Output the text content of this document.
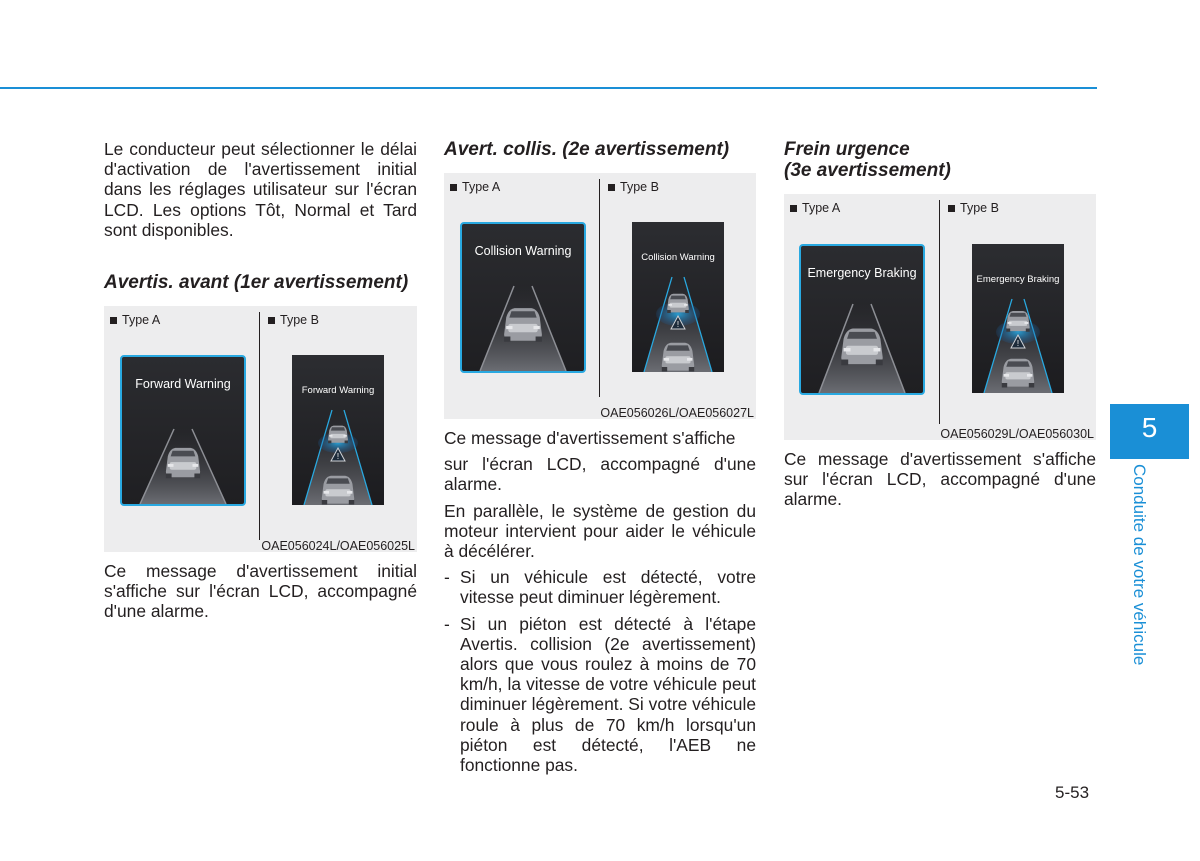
Le conducteur peut sélectionner le délai d'activation de l'avertissement initial dans les réglages utilisateur sur l'écran LCD. Les options Tôt, Normal et Tard sont disponibles.

Avertis. avant (1er avertissement)
Type A	Type B
Forward Warning	Forward Warning
!
OAE056024L/OAE056025L

Ce message d'avertissement initial s'affiche sur l'écran LCD, accompagné d'une alarme.

Avert. collis. (2e avertissement)
Type A	Type B
Collision Warning	Collision Warning
!
OAE056026L/OAE056027L

Ce message d'avertissement s'affiche

sur l'écran LCD, accompagné d'une alarme.

En parallèle, le système de gestion du moteur intervient pour aider le véhicule à décélérer.

- Si un véhicule est détecté, votre vitesse peut diminuer légèrement.
- Si un piéton est détecté à l'étape Avertis. collision (2e avertissement) alors que vous roulez à moins de 70 km/h, la vitesse de votre véhicule peut diminuer légèrement. Si votre véhicule roule à plus de 70 km/h lorsqu'un piéton est détecté, l'AEB ne fonctionne pas.
Frein urgence
(3e avertissement)
Type A	Type B
Emergency Braking	Emergency Braking
!
OAE056029L/OAE056030L

Ce message d'avertissement s'affiche sur l'écran LCD, accompagné d'une alarme.

5
Conduite de votre véhicule
5-53
